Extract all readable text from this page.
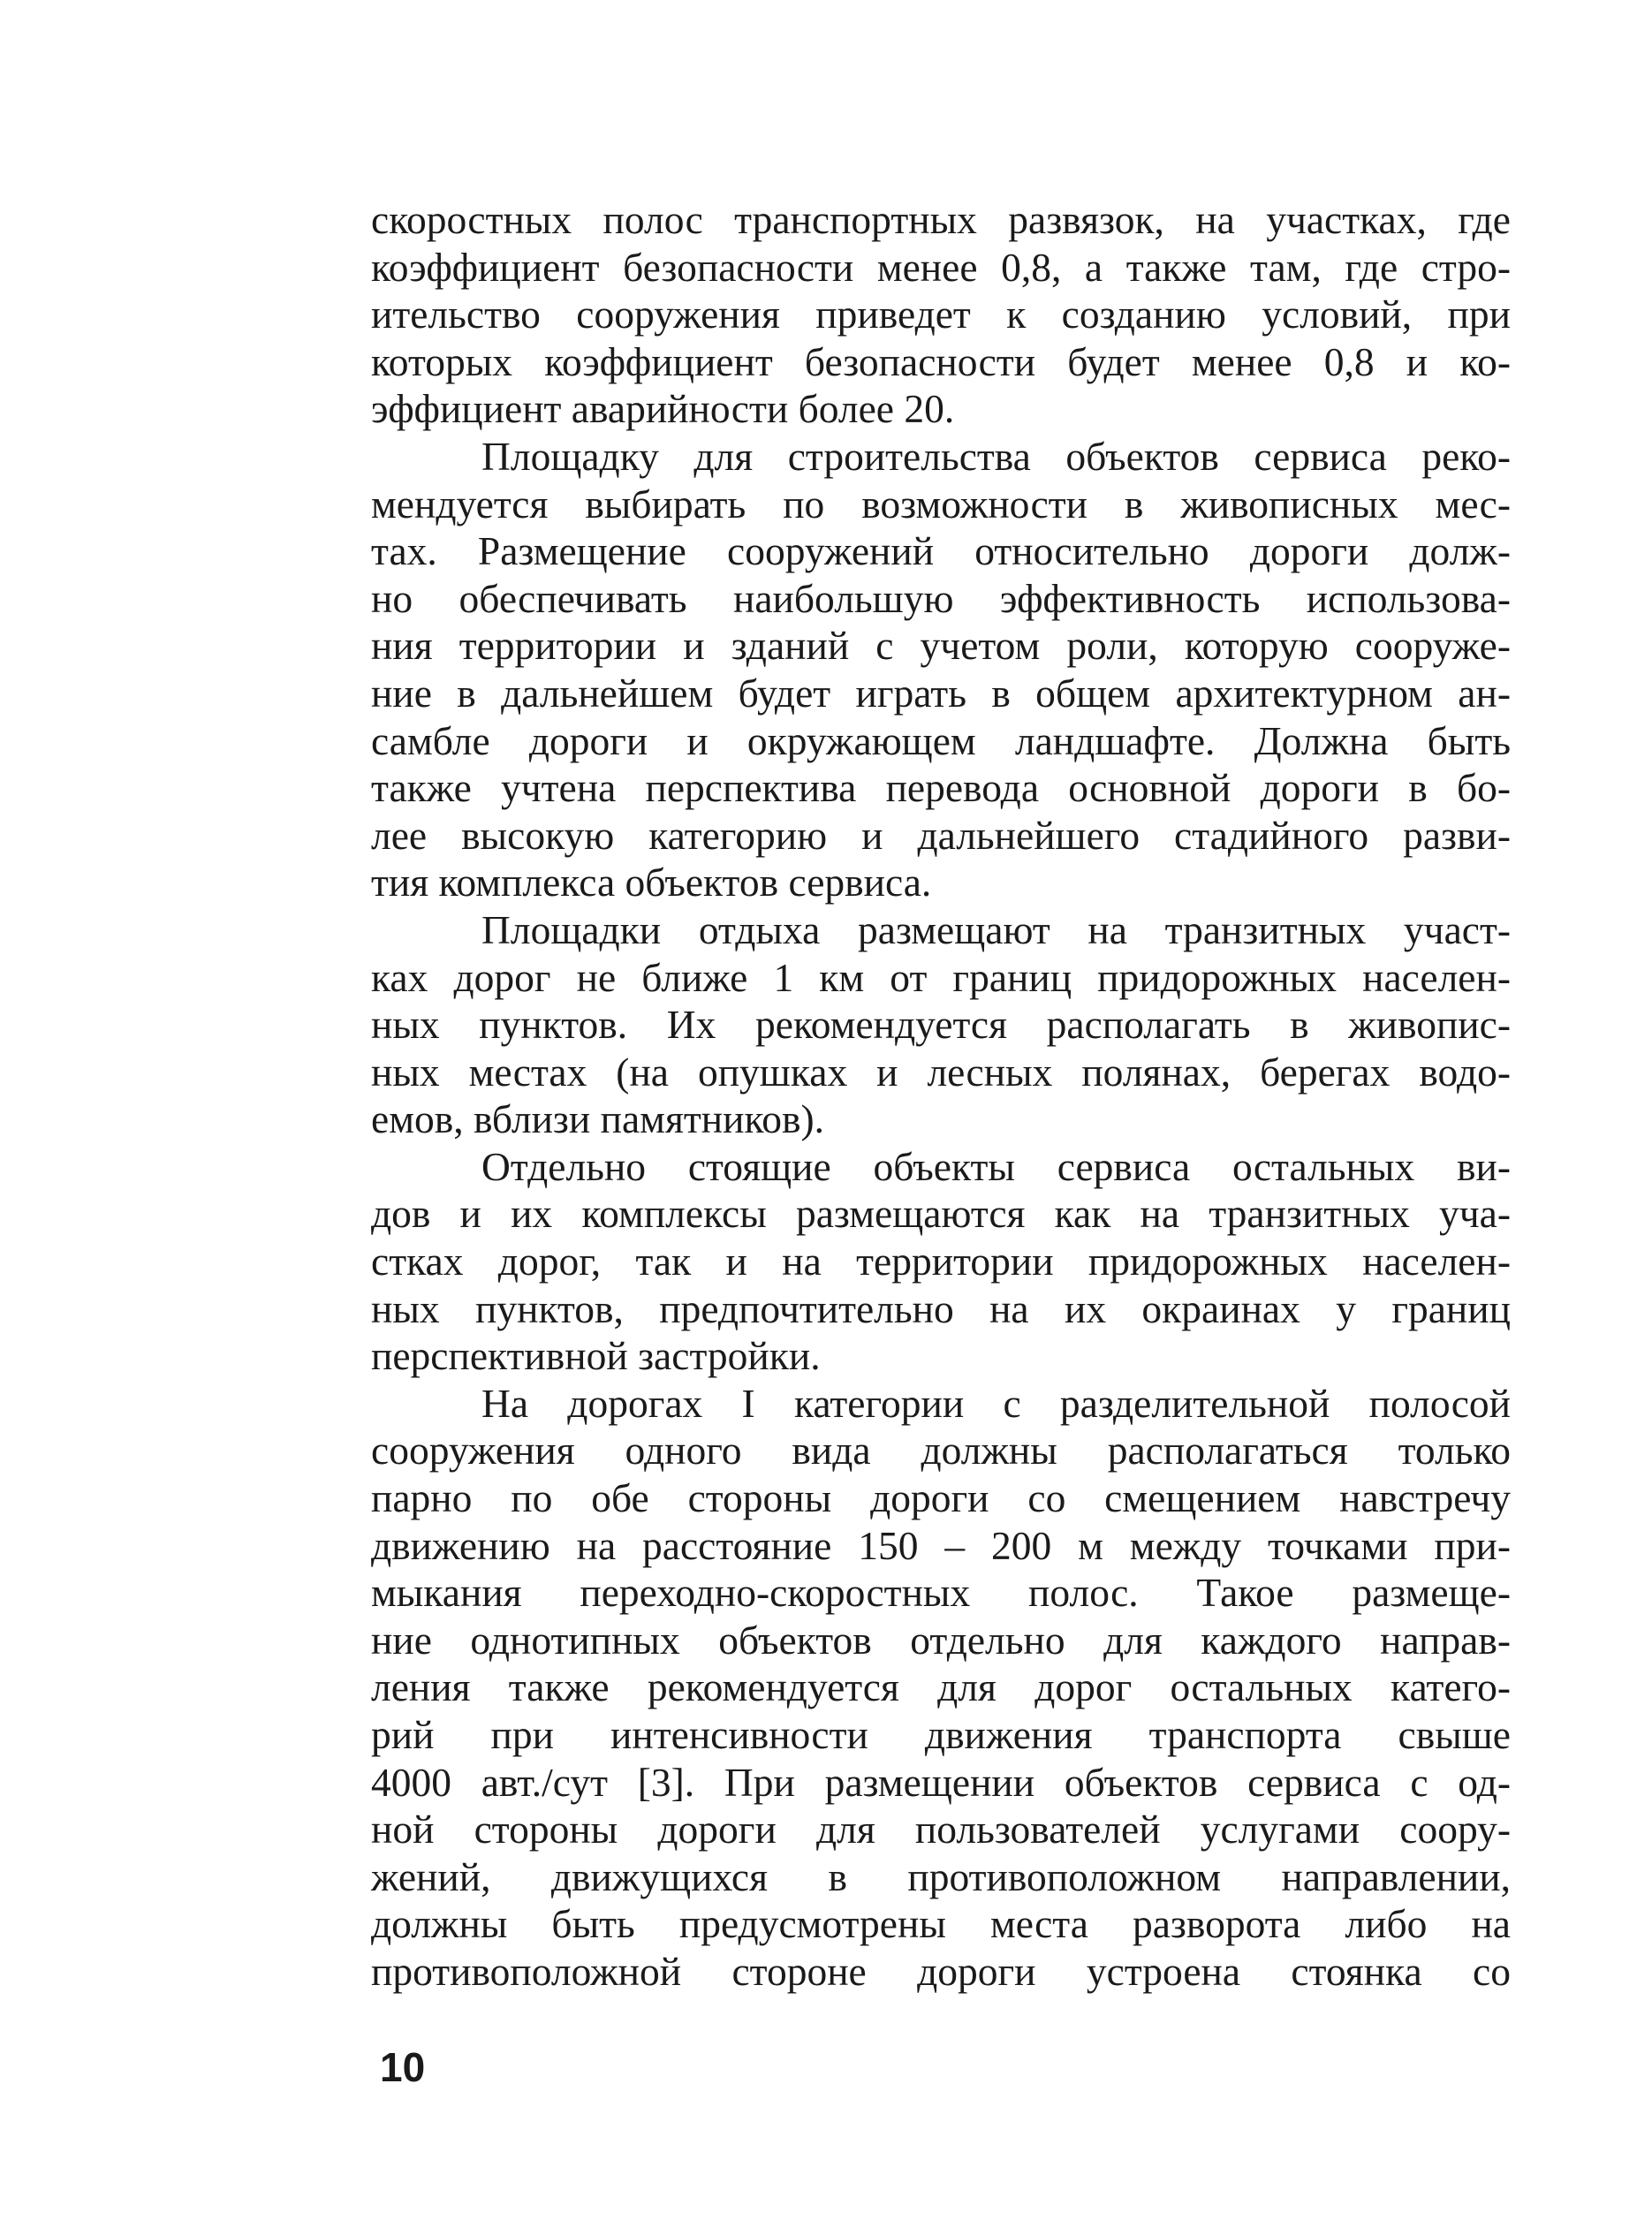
скоростных полос транспортных развязок, на участках, где
коэффициент безопасности менее 0,8, а также там, где стро-
ительство сооружения приведет к созданию условий, при
которых коэффициент безопасности будет менее 0,8 и ко-
эффициент аварийности более 20.
Площадку для строительства объектов сервиса реко-
мендуется выбирать по возможности в живописных мес-
тах. Размещение сооружений относительно дороги долж-
но обеспечивать наибольшую эффективность использова-
ния территории и зданий с учетом роли, которую сооруже-
ние в дальнейшем будет играть в общем архитектурном ан-
самбле дороги и окружающем ландшафте. Должна быть
также учтена перспектива перевода основной дороги в бо-
лее высокую категорию и дальнейшего стадийного разви-
тия комплекса объектов сервиса.
Площадки отдыха размещают на транзитных участ-
ках дорог не ближе 1 км от границ придорожных населен-
ных пунктов. Их рекомендуется располагать в живопис-
ных местах (на опушках и лесных полянах, берегах водо-
емов, вблизи памятников).
Отдельно стоящие объекты сервиса остальных ви-
дов и их комплексы размещаются как на транзитных уча-
стках дорог, так и на территории придорожных населен-
ных пунктов, предпочтительно на их окраинах у границ
перспективной застройки.
На дорогах I категории с разделительной полосой
сооружения одного вида должны располагаться только
парно по обе стороны дороги со смещением навстречу
движению на расстояние 150 – 200 м между точками при-
мыкания переходно-скоростных полос. Такое размеще-
ние однотипных объектов отдельно для каждого направ-
ления также рекомендуется для дорог остальных катего-
рий при интенсивности движения транспорта свыше
4000 авт./сут [3]. При размещении объектов сервиса с од-
ной стороны дороги для пользователей услугами соору-
жений, движущихся в противоположном направлении,
должны быть предусмотрены места разворота либо на
противоположной стороне дороги устроена стоянка со
10
